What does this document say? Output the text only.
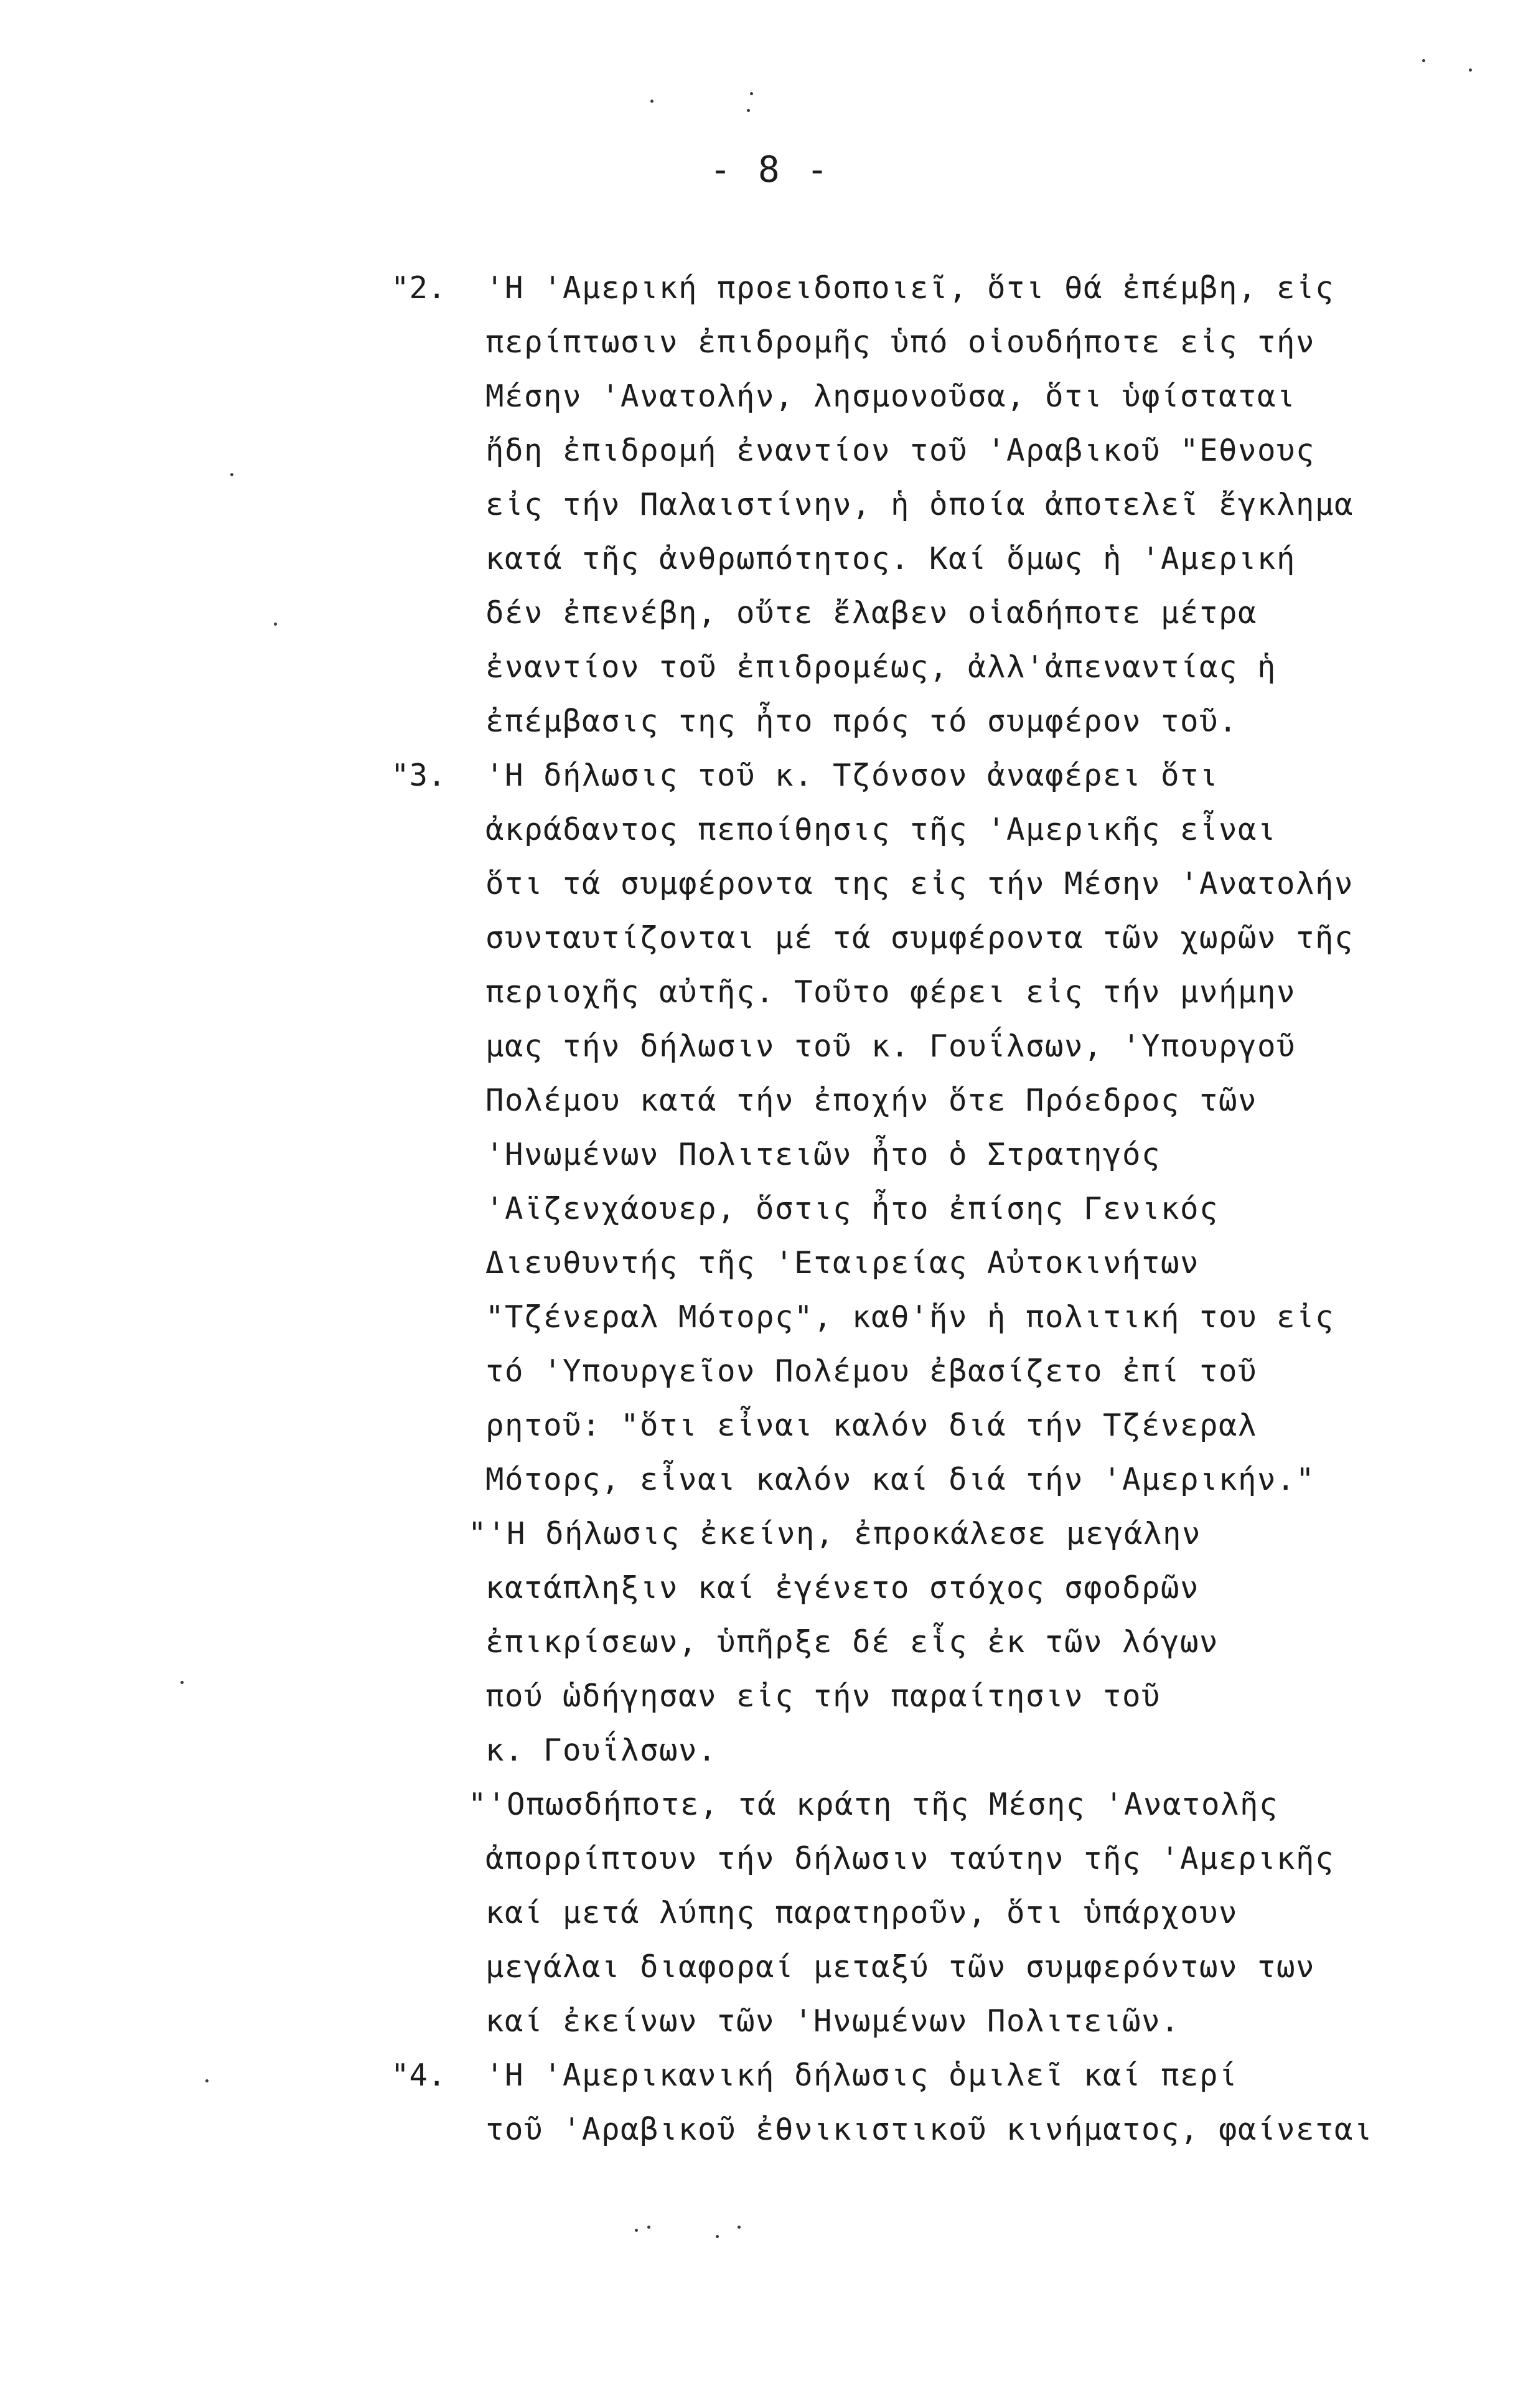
- 8 -
"2. 'Η 'Αμερική προειδοποιεῖ, ὅτι θά ἐπέμβη, εἰς
περίπτωσιν ἐπιδρομῆς ὑπό οἱουδήποτε εἰς τήν
Μέσην 'Ανατολήν, λησμονοῦσα, ὅτι ὑφίσταται
ἤδη ἐπιδρομή ἐναντίον τοῦ 'Αραβικοῦ "Εθνους
εἰς τήν Παλαιστίνην, ἡ ὁποία ἀποτελεῖ ἔγκλημα
κατά τῆς ἀνθρωπότητος. Καί ὅμως ἡ 'Αμερική
δέν ἐπενέβη, οὔτε ἔλαβεν οἱαδήποτε μέτρα
ἐναντίον τοῦ ἐπιδρομέως, ἀλλ'ἀπεναντίας ἡ
ἐπέμβασις της ἦτο πρός τό συμφέρον τοῦ.
"3. 'Η δήλωσις τοῦ κ. Τζόνσον ἀναφέρει ὅτι
ἀκράδαντος πεποίθησις τῆς 'Αμερικῆς εἶναι
ὅτι τά συμφέροντα της εἰς τήν Μέσην 'Ανατολήν
συνταυτίζονται μέ τά συμφέροντα τῶν χωρῶν τῆς
περιοχῆς αὐτῆς. Τοῦτο φέρει εἰς τήν μνήμην
μας τήν δήλωσιν τοῦ κ. Γουΐλσων, 'Υπουργοῦ
Πολέμου κατά τήν ἐποχήν ὅτε Πρόεδρος τῶν
'Ηνωμένων Πολιτειῶν ἦτο ὁ Στρατηγός
'Αϊζενχάουερ, ὅστις ἦτο ἐπίσης Γενικός
Διευθυντής τῆς 'Εταιρείας Αὐτοκινήτων
"Τζένεραλ Μότορς", καθ'ἥν ἡ πολιτική του εἰς
τό 'Υπουργεῖον Πολέμου ἐβασίζετο ἐπί τοῦ
ρητοῦ: "ὅτι εἶναι καλόν διά τήν Τζένεραλ
Μότορς, εἶναι καλόν καί διά τήν 'Αμερικήν."
"'Η δήλωσις ἐκείνη, ἐπροκάλεσε μεγάλην
κατάπληξιν καί ἐγένετο στόχος σφοδρῶν
ἐπικρίσεων, ὑπῆρξε δέ εἷς ἐκ τῶν λόγων
πού ὡδήγησαν εἰς τήν παραίτησιν τοῦ
κ. Γουΐλσων.
"'Οπωσδήποτε, τά κράτη τῆς Μέσης 'Ανατολῆς
ἀπορρίπτουν τήν δήλωσιν ταύτην τῆς 'Αμερικῆς
καί μετά λύπης παρατηροῦν, ὅτι ὑπάρχουν
μεγάλαι διαφοραί μεταξύ τῶν συμφερόντων των
καί ἐκείνων τῶν 'Ηνωμένων Πολιτειῶν.
"4. 'Η 'Αμερικανική δήλωσις ὁμιλεῖ καί περί
τοῦ 'Αραβικοῦ ἐθνικιστικοῦ κινήματος, φαίνεται
